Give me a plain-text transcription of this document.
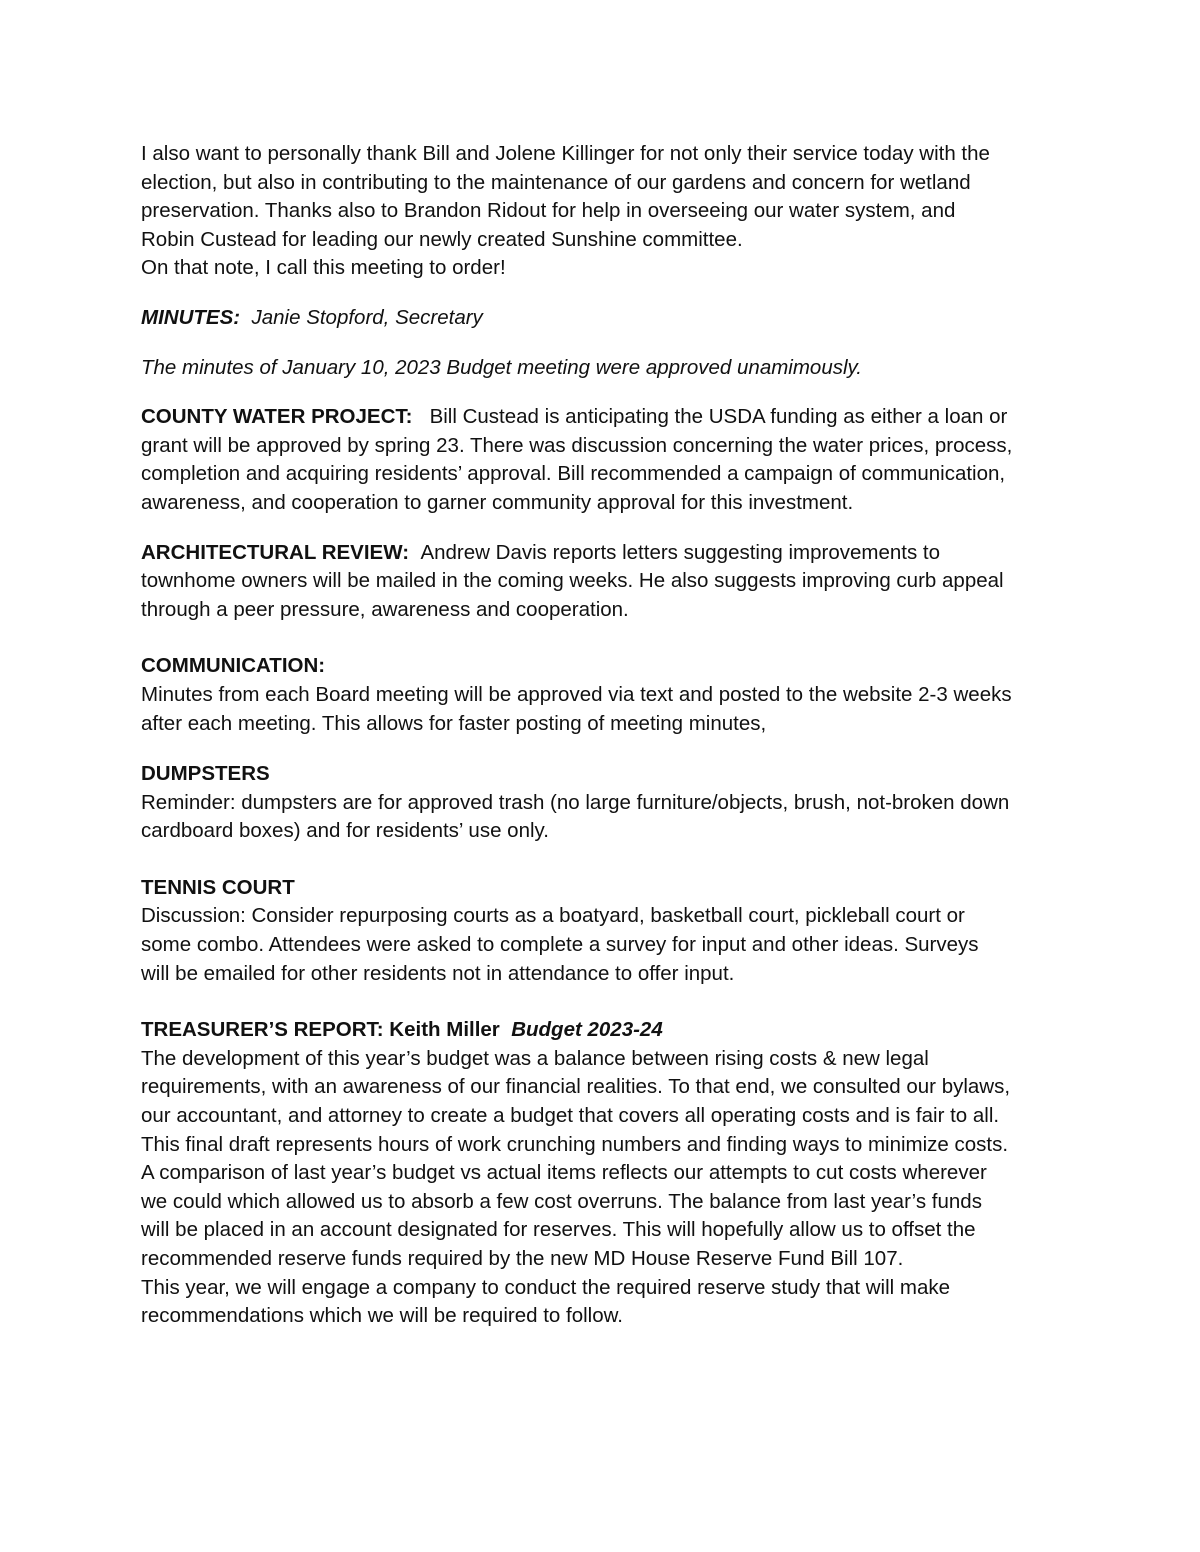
I also want to personally thank Bill and Jolene Killinger for not only their service today with the
election, but also in contributing to the maintenance of our gardens and concern for wetland
preservation. Thanks also to Brandon Ridout for help in overseeing our water system, and
Robin Custead for leading our newly created Sunshine committee.
On that note, I call this meeting to order!

MINUTES: Janie Stopford, Secretary

The minutes of January 10, 2023 Budget meeting were approved unamimously.

COUNTY WATER PROJECT: Bill Custead is anticipating the USDA funding as either a loan or
grant will be approved by spring 23. There was discussion concerning the water prices, process,
completion and acquiring residents’ approval. Bill recommended a campaign of communication,
awareness, and cooperation to garner community approval for this investment.

ARCHITECTURAL REVIEW: Andrew Davis reports letters suggesting improvements to
townhome owners will be mailed in the coming weeks. He also suggests improving curb appeal
through a peer pressure, awareness and cooperation.

COMMUNICATION:
Minutes from each Board meeting will be approved via text and posted to the website 2-3 weeks
after each meeting. This allows for faster posting of meeting minutes,

DUMPSTERS
Reminder: dumpsters are for approved trash (no large furniture/objects, brush, not-broken down
cardboard boxes) and for residents’ use only.

TENNIS COURT
Discussion: Consider repurposing courts as a boatyard, basketball court, pickleball court or
some combo. Attendees were asked to complete a survey for input and other ideas. Surveys
will be emailed for other residents not in attendance to offer input.

TREASURER’S REPORT: Keith Miller Budget 2023-24
The development of this year’s budget was a balance between rising costs & new legal
requirements, with an awareness of our financial realities. To that end, we consulted our bylaws,
our accountant, and attorney to create a budget that covers all operating costs and is fair to all.
This final draft represents hours of work crunching numbers and finding ways to minimize costs.
A comparison of last year’s budget vs actual items reflects our attempts to cut costs wherever
we could which allowed us to absorb a few cost overruns. The balance from last year’s funds
will be placed in an account designated for reserves. This will hopefully allow us to offset the
recommended reserve funds required by the new MD House Reserve Fund Bill 107.
This year, we will engage a company to conduct the required reserve study that will make
recommendations which we will be required to follow.
